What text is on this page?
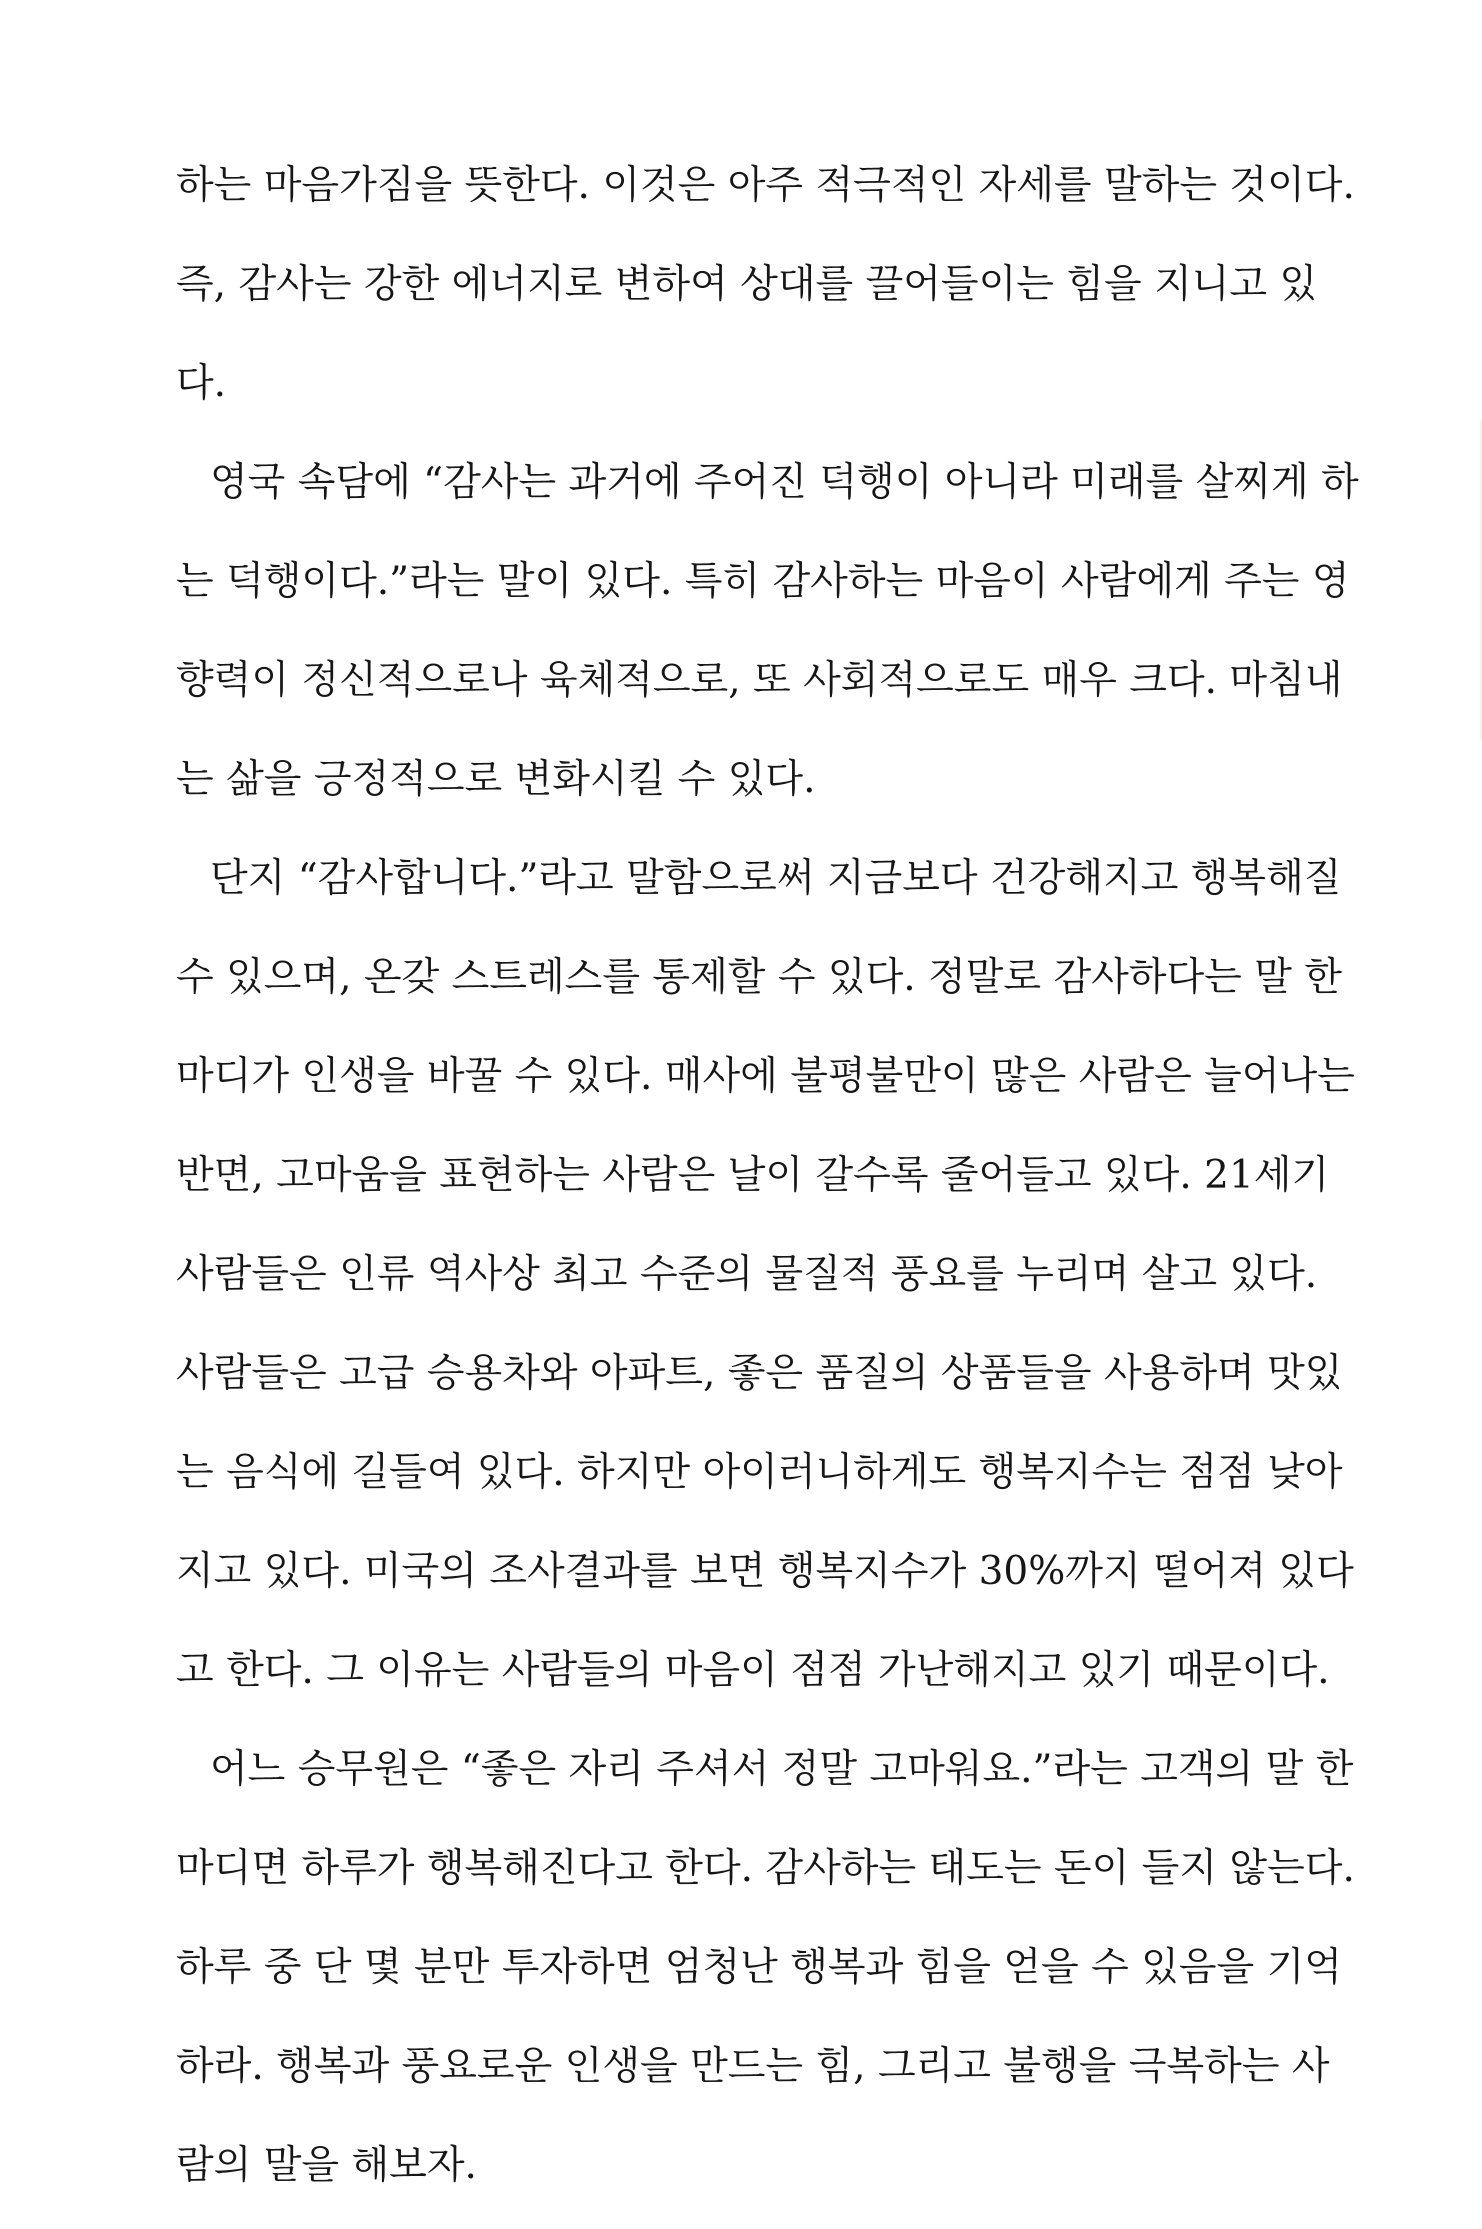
하는 마음가짐을 뜻한다. 이것은 아주 적극적인 자세를 말하는 것이다.
즉, 감사는 강한 에너지로 변하여 상대를 끌어들이는 힘을 지니고 있
다.
영국 속담에 “감사는 과거에 주어진 덕행이 아니라 미래를 살찌게 하
는 덕행이다.”라는 말이 있다. 특히 감사하는 마음이 사람에게 주는 영
향력이 정신적으로나 육체적으로, 또 사회적으로도 매우 크다. 마침내
는 삶을 긍정적으로 변화시킬 수 있다.
단지 “감사합니다.”라고 말함으로써 지금보다 건강해지고 행복해질
수 있으며, 온갖 스트레스를 통제할 수 있다. 정말로 감사하다는 말 한
마디가 인생을 바꿀 수 있다. 매사에 불평불만이 많은 사람은 늘어나는
반면, 고마움을 표현하는 사람은 날이 갈수록 줄어들고 있다. 21세기
사람들은 인류 역사상 최고 수준의 물질적 풍요를 누리며 살고 있다.
사람들은 고급 승용차와 아파트, 좋은 품질의 상품들을 사용하며 맛있
는 음식에 길들여 있다. 하지만 아이러니하게도 행복지수는 점점 낮아
지고 있다. 미국의 조사결과를 보면 행복지수가 30%까지 떨어져 있다
고 한다. 그 이유는 사람들의 마음이 점점 가난해지고 있기 때문이다.
어느 승무원은 “좋은 자리 주셔서 정말 고마워요.”라는 고객의 말 한
마디면 하루가 행복해진다고 한다. 감사하는 태도는 돈이 들지 않는다.
하루 중 단 몇 분만 투자하면 엄청난 행복과 힘을 얻을 수 있음을 기억
하라. 행복과 풍요로운 인생을 만드는 힘, 그리고 불행을 극복하는 사
람의 말을 해보자.
